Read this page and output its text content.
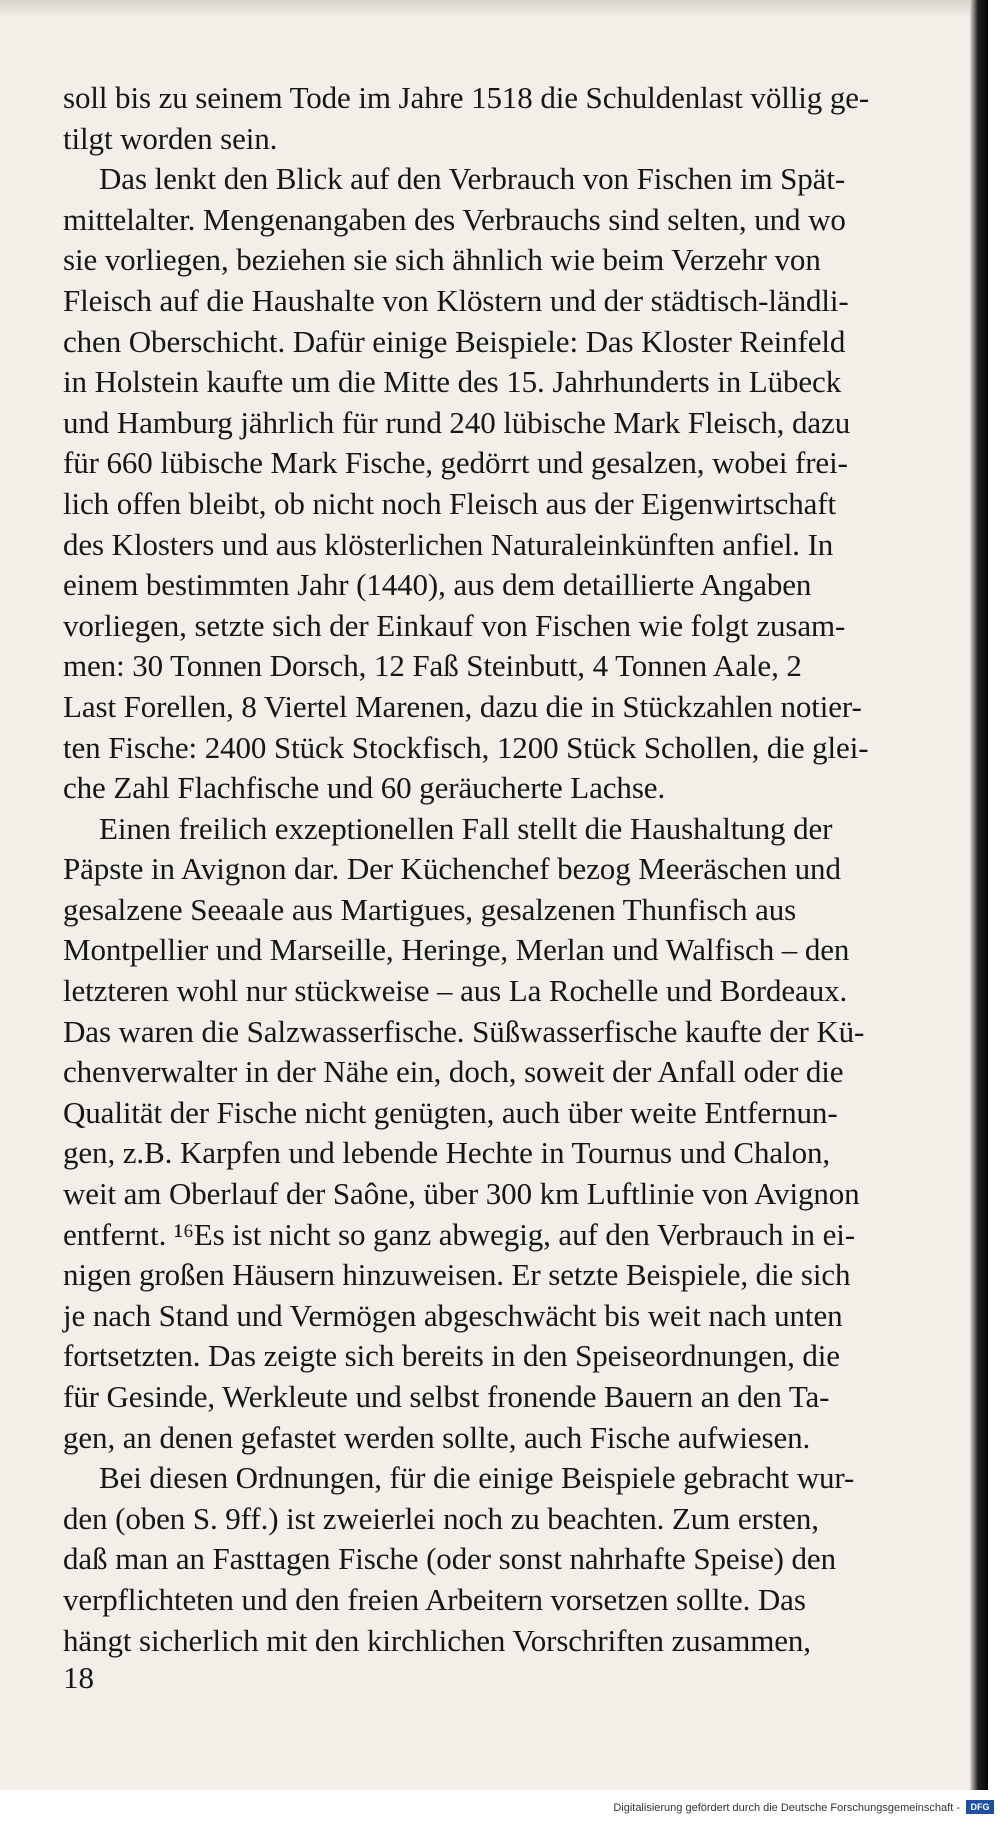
soll bis zu seinem Tode im Jahre 1518 die Schuldenlast völlig ge-
tilgt worden sein.
Das lenkt den Blick auf den Verbrauch von Fischen im Spät-
mittelalter. Mengenangaben des Verbrauchs sind selten, und wo
sie vorliegen, beziehen sie sich ähnlich wie beim Verzehr von
Fleisch auf die Haushalte von Klöstern und der städtisch-ländli-
chen Oberschicht. Dafür einige Beispiele: Das Kloster Reinfeld
in Holstein kaufte um die Mitte des 15. Jahrhunderts in Lübeck
und Hamburg jährlich für rund 240 lübische Mark Fleisch, dazu
für 660 lübische Mark Fische, gedörrt und gesalzen, wobei frei-
lich offen bleibt, ob nicht noch Fleisch aus der Eigenwirtschaft
des Klosters und aus klösterlichen Naturaleinkünften anfiel. In
einem bestimmten Jahr (1440), aus dem detaillierte Angaben
vorliegen, setzte sich der Einkauf von Fischen wie folgt zusam-
men: 30 Tonnen Dorsch, 12 Faß Steinbutt, 4 Tonnen Aale, 2
Last Forellen, 8 Viertel Marenen, dazu die in Stückzahlen notier-
ten Fische: 2400 Stück Stockfisch, 1200 Stück Schollen, die glei-
che Zahl Flachfische und 60 geräucherte Lachse.
Einen freilich exzeptionellen Fall stellt die Haushaltung der
Päpste in Avignon dar. Der Küchenchef bezog Meeräschen und
gesalzene Seeaale aus Martigues, gesalzenen Thunfisch aus
Montpellier und Marseille, Heringe, Merlan und Walfisch – den
letzteren wohl nur stückweise – aus La Rochelle und Bordeaux.
Das waren die Salzwasserfische. Süßwasserfische kaufte der Kü-
chenverwalter in der Nähe ein, doch, soweit der Anfall oder die
Qualität der Fische nicht genügten, auch über weite Entfernun-
gen, z.B. Karpfen und lebende Hechte in Tournus und Chalon,
weit am Oberlauf der Saône, über 300 km Luftlinie von Avignon
entfernt. ¹⁶Es ist nicht so ganz abwegig, auf den Verbrauch in ei-
nigen großen Häusern hinzuweisen. Er setzte Beispiele, die sich
je nach Stand und Vermögen abgeschwächt bis weit nach unten
fortsetzten. Das zeigte sich bereits in den Speiseordnungen, die
für Gesinde, Werkleute und selbst fronende Bauern an den Ta-
gen, an denen gefastet werden sollte, auch Fische aufwiesen.
Bei diesen Ordnungen, für die einige Beispiele gebracht wur-
den (oben S. 9ff.) ist zweierlei noch zu beachten. Zum ersten,
daß man an Fasttagen Fische (oder sonst nahrhafte Speise) den
verpflichteten und den freien Arbeitern vorsetzen sollte. Das
hängt sicherlich mit den kirchlichen Vorschriften zusammen,
18
Digitalisierung gefördert durch die Deutsche Forschungsgemeinschaft -	DFG
